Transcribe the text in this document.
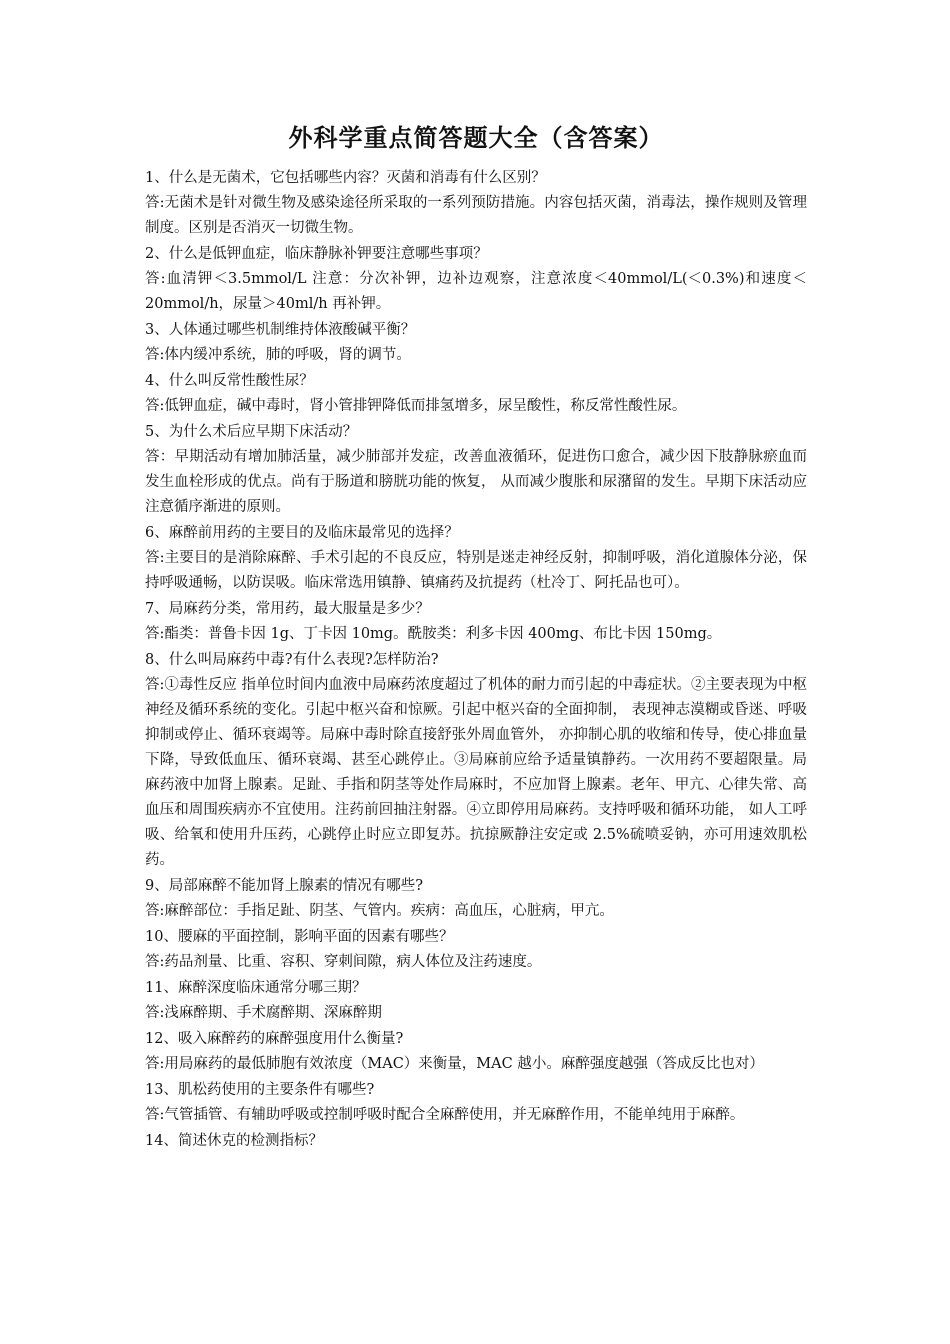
外科学重点简答题大全（含答案）

1、什么是无菌术，它包括哪些内容？灭菌和消毒有什么区别？

答:无菌术是针对微生物及感染途径所采取的一系列预防措施。内容包括灭菌，消毒法，操作规则及管理制度。区别是否消灭一切微生物。

2、什么是低钾血症，临床静脉补钾要注意哪些事项？

答:血清钾＜3.5mmol/L 注意：分次补钾，边补边观察，注意浓度＜40mmol/L(＜0.3%)和速度＜20mmol/h，尿量＞40ml/h 再补钾。

3、人体通过哪些机制维持体液酸碱平衡？

答:体内缓冲系统，肺的呼吸，肾的调节。

4、什么叫反常性酸性尿？

答:低钾血症，碱中毒时，肾小管排钾降低而排氢增多，尿呈酸性，称反常性酸性尿。

5、为什么术后应早期下床活动？

答：早期活动有增加肺活量，减少肺部并发症，改善血液循环，促进伤口愈合，减少因下肢静脉瘀血而发生血栓形成的优点。尚有于肠道和膀胱功能的恢复， 从而减少腹胀和尿潴留的发生。早期下床活动应注意循序渐进的原则。

6、麻醉前用药的主要目的及临床最常见的选择？

答:主要目的是消除麻醉、手术引起的不良反应，特别是迷走神经反射，抑制呼吸，消化道腺体分泌，保持呼吸通畅，以防误吸。临床常选用镇静、镇痛药及抗提药（杜冷丁、阿托品也可）。

7、局麻药分类，常用药，最大服量是多少？

答:酯类：普鲁卡因 1g、丁卡因 10mg。酰胺类：利多卡因 400mg、布比卡因 150mg。

8、什么叫局麻药中毒?有什么表现?怎样防治?

答:①毒性反应 指单位时间内血液中局麻药浓度超过了机体的耐力而引起的中毒症状。②主要表现为中枢神经及循环系统的变化。引起中枢兴奋和惊厥。引起中枢兴奋的全面抑制， 表现神志漠糊或昏迷、呼吸抑制或停止、循环衰竭等。局麻中毒时除直接舒张外周血管外， 亦抑制心肌的收缩和传导，使心排血量下降，导致低血压、循环衰竭、甚至心跳停止。③局麻前应给予适量镇静药。一次用药不要超限量。局麻药液中加肾上腺素。足趾、手指和阴茎等处作局麻时，不应加肾上腺素。老年、甲亢、心律失常、高血压和周围疾病亦不宜使用。注药前回抽注射器。④立即停用局麻药。支持呼吸和循环功能， 如人工呼吸、给氧和使用升压药，心跳停止时应立即复苏。抗掠厥静注安定或 2.5%硫喷妥钠，亦可用速效肌松药。

9、局部麻醉不能加肾上腺素的情况有哪些?

答:麻醉部位：手指足趾、阴茎、气管内。疾病：高血压，心脏病，甲亢。

10、腰麻的平面控制，影响平面的因素有哪些？

答:药品剂量、比重、容积、穿刺间隙，病人体位及注药速度。

11、麻醉深度临床通常分哪三期？

答:浅麻醉期、手术腐醉期、深麻醉期

12、吸入麻醉药的麻醉强度用什么衡量?

答:用局麻药的最低肺胞有效浓度（MAC）来衡量，MAC 越小。麻醉强度越强（答成反比也对）

13、肌松药使用的主要条件有哪些?

答:气管插管、有辅助呼吸或控制呼吸时配合全麻醉使用，并无麻醉作用，不能单纯用于麻醉。

14、简述休克的检测指标？
